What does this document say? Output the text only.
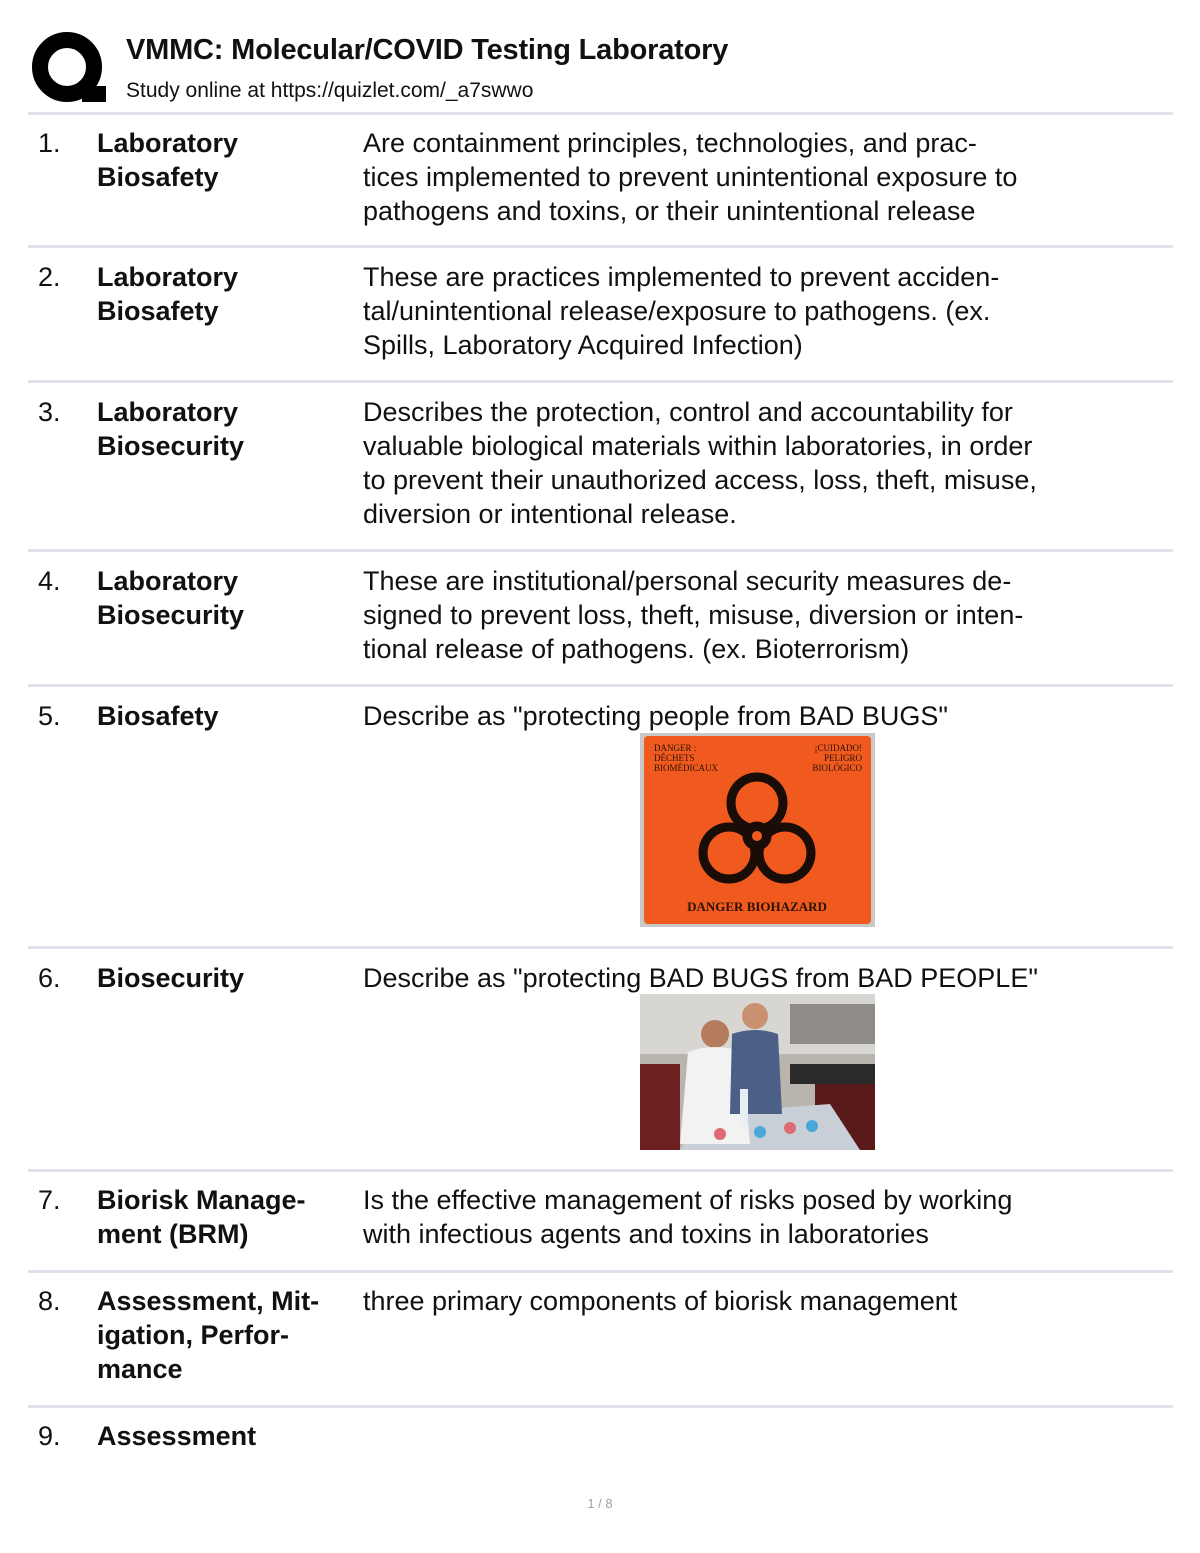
VMMC: Molecular/COVID Testing Laboratory
Study online at https://quizlet.com/_a7swwo
1. Laboratory
Biosafety
Are containment principles, technologies, and prac-
tices implemented to prevent unintentional exposure to
pathogens and toxins, or their unintentional release
2. Laboratory
Biosafety
These are practices implemented to prevent acciden-
tal/unintentional release/exposure to pathogens. (ex.
Spills, Laboratory Acquired Infection)
3. Laboratory
Biosecurity
Describes the protection, control and accountability for
valuable biological materials within laboratories, in order
to prevent their unauthorized access, loss, theft, misuse,
diversion or intentional release.
4. Laboratory
Biosecurity
These are institutional/personal security measures de-
signed to prevent loss, theft, misuse, diversion or inten-
tional release of pathogens. (ex. Bioterrorism)
5. Biosafety	Describe as "protecting people from BAD BUGS"
DANGER : DÉCHETS BIOMÉDICAUX
¡CUIDADO! PELIGRO BIOLÓGICO
DANGER BIOHAZARD
6. Biosecurity	Describe as "protecting BAD BUGS from BAD PEOPLE"
7. Biorisk Manage-
ment (BRM)
Is the effective management of risks posed by working
with infectious agents and toxins in laboratories
8. Assessment, Mit-
igation, Perfor-
mance
three primary components of biorisk management
9. Assessment
1 / 8
